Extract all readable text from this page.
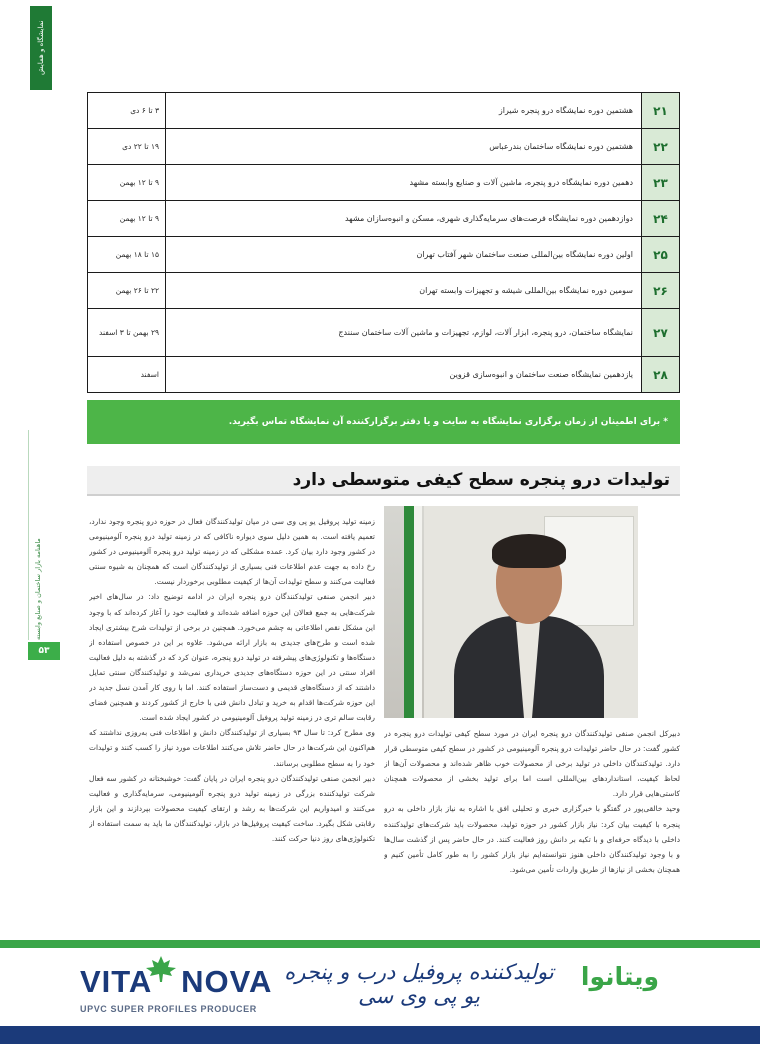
نمایشگاه و همایش
ماهنامه بازار ساختمان و صنایع وابسته
۵۳
۲۱	هشتمین دوره نمایشگاه درو پنجره شیراز	۳ تا ۶ دی
۲۲	هشتمین دوره نمایشگاه ساختمان بندرعباس	۱۹ تا ۲۲ دی
۲۳	دهمین دوره نمایشگاه درو پنجره، ماشین آلات و صنایع وابسته مشهد	۹ تا ۱۲ بهمن
۲۴	دوازدهمین دوره نمایشگاه فرصت‌های سرمایه‌گذاری شهری، مسکن و انبوه‌سازان مشهد	۹ تا ۱۲ بهمن
۲۵	اولین دوره نمایشگاه بین‌المللی صنعت ساختمان شهر آفتاب تهران	۱۵ تا ۱۸ بهمن
۲۶	سومین دوره نمایشگاه بین‌المللی شیشه و تجهیزات وابسته تهران	۲۲ تا ۲۶ بهمن
۲۷	نمایشگاه ساختمان، درو پنجره، ابزار آلات، لوازم، تجهیزات و ماشین آلات ساختمان سنندج	۲۹ بهمن تا ۳ اسفند
۲۸	یازدهمین نمایشگاه صنعت ساختمان و انبوه‌سازی قزوین	اسفند
* برای اطمینان از زمان برگزاری نمایشگاه به سایت و یا دفتر برگزارکننده آن نمایشگاه تماس بگیرید.
تولیدات درو پنجره سطح کیفی متوسطی دارد

زمینه تولید پروفیل یو پی وی سی در میان تولیدکنندگان فعال در حوزه درو پنجره وجود ندارد، تعمیم یافته است. به همین دلیل سوی دیواره ناکافی که در زمینه تولید درو پنجره آلومینیومی در کشور وجود دارد بیان کرد. عمده مشکلی که در زمینه تولید درو پنجره آلومینیومی در کشور رخ داده به جهت عدم اطلاعات فنی بسیاری از تولیدکنندگان است که همچنان به شیوه سنتی فعالیت می‌کنند و سطح تولیدات آن‌ها از کیفیت مطلوبی برخوردار نیست.

دبیر انجمن صنفی تولیدکنندگان درو پنجره ایران در ادامه توضیح داد: در سال‌های اخیر شرکت‌هایی به جمع فعالان این حوزه اضافه شده‌اند و فعالیت خود را آغاز کرده‌اند که با وجود این مشکل نقص اطلاعاتی به چشم می‌خورد. همچنین در برخی از تولیدات شرح بیشتری ایجاد شده است و طرح‌های جدیدی به بازار ارائه می‌شود. علاوه بر این در خصوص استفاده از دستگاه‌ها و تکنولوژی‌های پیشرفته در تولید درو پنجره، عنوان کرد که در گذشته به دلیل فعالیت افراد سنتی در این حوزه دستگاه‌های جدیدی خریداری نمی‌شد و تولیدکنندگان سنتی تمایل داشتند که از دستگاه‌های قدیمی و دست‌ساز استفاده کنند. اما با روی کار آمدن نسل جدید در این حوزه شرکت‌ها اقدام به خرید و تبادل دانش فنی با خارج از کشور کردند و همچنین فضای رقابت سالم تری در زمینه تولید پروفیل آلومینیومی در کشور ایجاد شده است.

وی مطرح کرد: تا سال ۹۳ بسیاری از تولیدکنندگان دانش و اطلاعات فنی به‌روزی نداشتند که هم‌اکنون این شرکت‌ها در حال حاضر تلاش می‌کنند اطلاعات مورد نیاز را کسب کنند و تولیدات خود را به سطح مطلوبی برسانند.

دبیر انجمن صنفی تولیدکنندگان درو پنجره ایران در پایان گفت: خوشبختانه در کشور سه فعال شرکت تولیدکننده بزرگی در زمینه تولید درو پنجره آلومینیومی، سرمایه‌گذاری و فعالیت می‌کنند و امیدواریم این شرکت‌ها به رشد و ارتقای کیفیت محصولات بپردازند و این بازار رقابتی شکل بگیرد. ساخت کیفیت پروفیل‌ها در بازار، تولیدکنندگان ما باید به سمت استفاده از تکنولوژی‌های روز دنیا حرکت کنند.

دبیرکل انجمن صنفی تولیدکنندگان درو پنجره ایران در مورد سطح کیفی تولیدات درو پنجره در کشور گفت: در حال حاضر تولیدات درو پنجره آلومینیومی در کشور در سطح کیفی متوسطی قرار دارد. تولیدکنندگان داخلی در تولید برخی از محصولات خوب ظاهر شده‌اند و محصولات آن‌ها از لحاظ کیفیت، استانداردهای بین‌المللی است اما برای تولید بخشی از محصولات همچنان کاستی‌هایی قرار دارد.

وحید خالقی‌پور در گفتگو با خبرگزاری خبری و تحلیلی افق با اشاره به نیاز بازار داخلی به درو پنجره با کیفیت بیان کرد: نیاز بازار کشور در حوزه تولید، محصولات باید شرکت‌های تولیدکننده داخلی با دیدگاه حرفه‌ای و با تکیه بر دانش روز فعالیت کنند. در حال حاضر پس از گذشت سال‌ها و با وجود تولیدکنندگان داخلی هنوز نتوانسته‌ایم نیاز بازار کشور را به طور کامل تأمین کنیم و همچنان بخشی از نیازها از طریق واردات تأمین می‌شود.

VITA NOVA
UPVC SUPER PROFILES PRODUCER
تولیدکننده پروفیل درب و پنجره یو پی وی سی
ویتانوا
